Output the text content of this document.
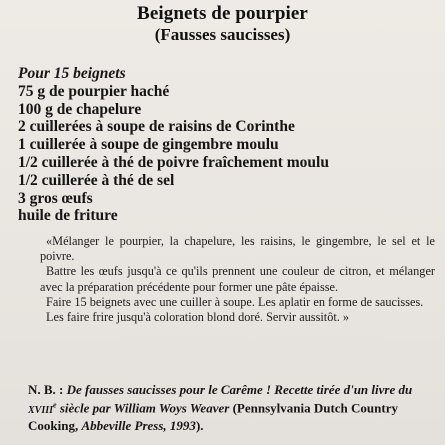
Beignets de pourpier
(Fausses saucisses)
Pour 15 beignets
75 g de pourpier haché
100 g de chapelure
2 cuillerées à soupe de raisins de Corinthe
1 cuillerée à soupe de gingembre moulu
1/2 cuillerée à thé de poivre fraîchement moulu
1/2 cuillerée à thé de sel
3 gros œufs
huile de friture

«Mélanger le pourpier, la chapelure, les raisins, le gingembre, le sel et le poivre.

Battre les œufs jusqu'à ce qu'ils prennent une couleur de citron, et mélanger avec la préparation précédente pour former une pâte épaisse.

Faire 15 beignets avec une cuiller à soupe. Les aplatir en forme de saucisses.

Les faire frire jusqu'à coloration blond doré. Servir aussitôt. »

N. B. : De fausses saucisses pour le Carême ! Recette tirée d'un livre du XVIIIe siècle par William Woys Weaver (Pennsylvania Dutch Country Cooking, Abbeville Press, 1993).
